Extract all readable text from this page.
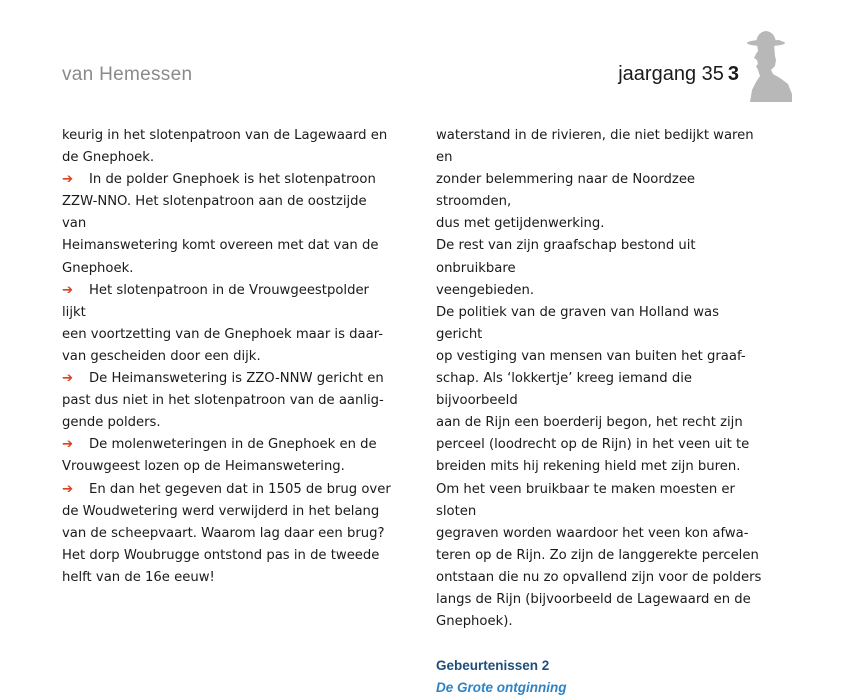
van Hemessen	jaargang 35 3

keurig in het slotenpatroon van de Lagewaard en
de Gnephoek.

➔ In de polder Gnephoek is het slotenpatroon
ZZW-NNO. Het slotenpatroon aan de oostzijde van
Heimanswetering komt overeen met dat van de
Gnephoek.

➔ Het slotenpatroon in de Vrouwgeestpolder lijkt
een voortzetting van de Gnephoek maar is daar-
van gescheiden door een dijk.

➔ De Heimanswetering is ZZO-NNW gericht en
past dus niet in het slotenpatroon van de aanlig-
gende polders.

➔ De molenweteringen in de Gnephoek en de
Vrouwgeest lozen op de Heimanswetering.

➔ En dan het gegeven dat in 1505 de brug over
de Woudwetering werd verwijderd in het belang
van de scheepvaart. Waarom lag daar een brug?
Het dorp Woubrugge ontstond pas in de tweede
helft van de 16e eeuw!

waterstand in de rivieren, die niet bedijkt waren en
zonder belemmering naar de Noordzee stroomden,
dus met getijdenwerking.

De rest van zijn graafschap bestond uit onbruikbare
veengebieden.

De politiek van de graven van Holland was gericht
op vestiging van mensen van buiten het graaf-
schap. Als ‘lokkertje’ kreeg iemand die bijvoorbeeld
aan de Rijn een boerderij begon, het recht zijn
perceel (loodrecht op de Rijn) in het veen uit te
breiden mits hij rekening hield met zijn buren.

Om het veen bruikbaar te maken moesten er sloten
gegraven worden waardoor het veen kon afwa-
teren op de Rijn. Zo zijn de langgerekte percelen
ontstaan die nu zo opvallend zijn voor de polders
langs de Rijn (bijvoorbeeld de Lagewaard en de
Gnephoek).

Gebeurtenissen 2
De Grote ontginning
